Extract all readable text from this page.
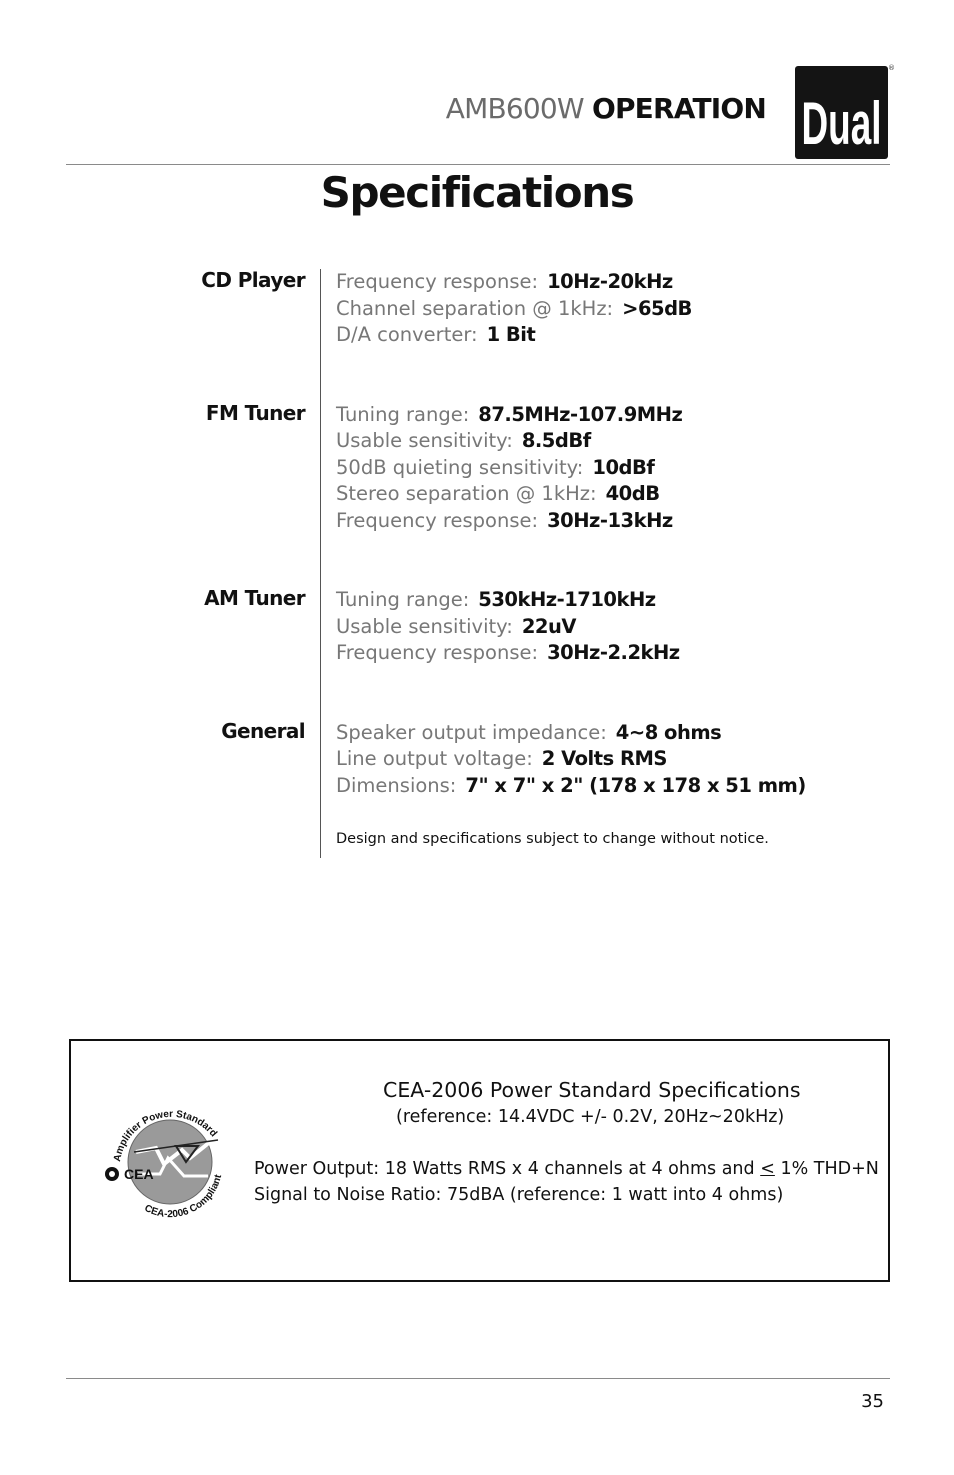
AMB600W OPERATION Dual
®
Specifications
CD Player
FM Tuner
AM Tuner
General
Frequency response: 10Hz-20kHz
Channel separation @ 1kHz: >65dB
D/A converter: 1 Bit
Tuning range: 87.5MHz-107.9MHz
Usable sensitivity: 8.5dBf
50dB quieting sensitivity: 10dBf
Stereo separation @ 1kHz: 40dB
Frequency response: 30Hz-13kHz
Tuning range: 530kHz-1710kHz
Usable sensitivity: 22uV
Frequency response: 30Hz-2.2kHz
Speaker output impedance: 4~8 ohms
Line output voltage: 2 Volts RMS
Dimensions: 7" x 7" x 2" (178 x 178 x 51 mm)
Design and specifications subject to change without notice.
CEA
Amplifier Power Standard
CEA-2006 Compliant
CEA-2006 Power Standard Specifications
(reference: 14.4VDC +/- 0.2V, 20Hz~20kHz)
Power Output: 18 Watts RMS x 4 channels at 4 ohms and ≤ 1% THD+N
Signal to Noise Ratio: 75dBA (reference: 1 watt into 4 ohms)
35
